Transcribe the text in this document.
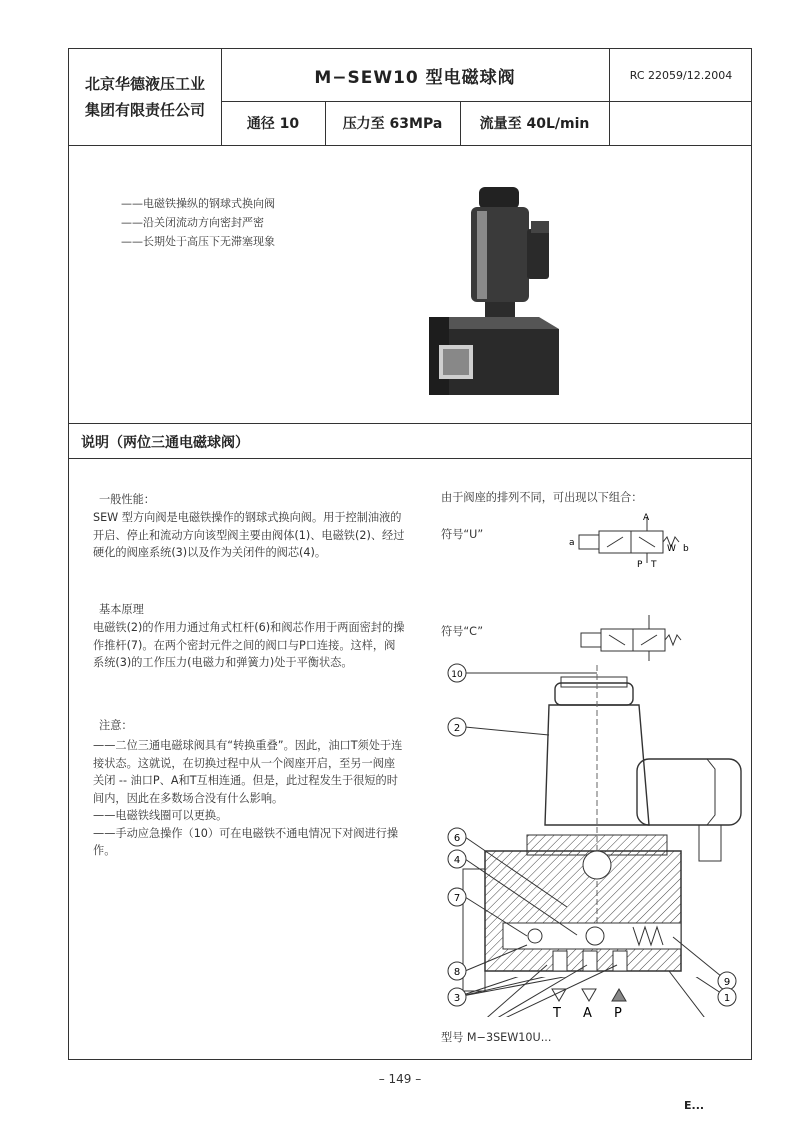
北京华德液压工业
集团有限责任公司
M−SEW10 型电磁球阀	RC 22059/12.2004
通径 10	压力至 63MPa	流量至 40L/min
——电磁铁操纵的钢球式换向阀
——沿关闭流动方向密封严密
——长期处于高压下无滞塞现象
说明（两位三通电磁球阀）
一般性能：
SEW 型方向阀是电磁铁操作的钢球式换向阀。用于控制油液的开启、停止和流动方向该型阀主要由阀体(1)、电磁铁(2)、经过硬化的阀座系统(3)以及作为关闭件的阀芯(4)。
基本原理
电磁铁(2)的作用力通过角式杠杆(6)和阀芯作用于两面密封的操作推杆(7)。在两个密封元件之间的阀口与P口连接。这样，阀系统(3)的工作压力(电磁力和弹簧力)处于平衡状态。
注意：
——二位三通电磁球阀具有“转换重叠”。因此，油口T须处于连接状态。这就说，在切换过程中从一个阀座开启，至另一阀座关闭 -- 油口P、A和T互相连通。但是，此过程发生于很短的时间内，因此在多数场合没有什么影响。
——电磁铁线圈可以更换。
——手动应急操作（10）可在电磁铁不通电情况下对阀进行操作。
由于阀座的排列不同，可出现以下组合：
符号“U”
符号“C”
型号 M−3SEW10U...
a
A
P T
W b
T A P
10
2
6
4
7
8
9
3	1
– 149 –
E...
